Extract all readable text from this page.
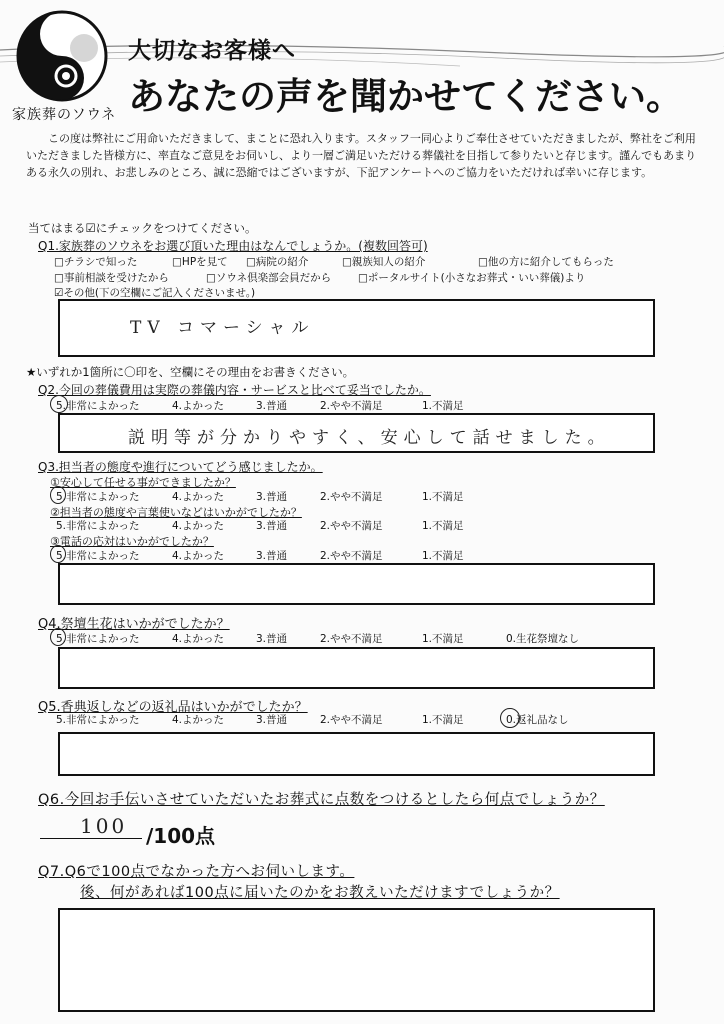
家族葬のソウネ
大切なお客様へ
あなたの声を聞かせてください。
この度は弊社にご用命いただきまして、まことに恐れ入ります。スタッフ一同心よりご奉仕させていただきましたが、弊社をご利用いただきました皆様方に、率直なご意見をお伺いし、より一層ご満足いただける葬儀社を目指して参りたいと存じます。謹んでもあまりある永久の別れ、お悲しみのところ、誠に恐縮ではございますが、下記アンケートへのご協力をいただければ幸いに存じます。
当てはまる☑にチェックをつけてください。
Q1.家族葬のソウネをお選び頂いた理由はなんでしょうか。(複数回答可)
□チラシで知った	□HPを見て □病院の紹介	□親族知人の紹介	□他の方に紹介してもらった
□事前相談を受けたから	□ソウネ倶楽部会員だから	□ポータルサイト(小さなお葬式・いい葬儀)より
☑その他(下の空欄にご記入くださいませ。)
TV コマーシャル
★いずれか1箇所に〇印を、空欄にその理由をお書きください。
Q2.今回の葬儀費用は実際の葬儀内容・サービスと比べて妥当でしたか。
5.非常によかった	4.よかった	3.普通	2.やや不満足	1.不満足
説明等が分かりやすく、安心して話せました。
Q3.担当者の態度や進行についてどう感じましたか。
①安心して任せる事ができましたか？
5.非常によかった	4.よかった	3.普通	2.やや不満足	1.不満足
②担当者の態度や言葉使いなどはいかがでしたか？
5.非常によかった	4.よかった	3.普通	2.やや不満足	1.不満足
③電話の応対はいかがでしたか？
5.非常によかった	4.よかった	3.普通	2.やや不満足	1.不満足
Q4.祭壇生花はいかがでしたか？
5.非常によかった	4.よかった	3.普通	2.やや不満足	1.不満足	0.生花祭壇なし
Q5.香典返しなどの返礼品はいかがでしたか？
5.非常によかった	4.よかった	3.普通	2.やや不満足	1.不満足	0.返礼品なし
Q6.今回お手伝いさせていただいたお葬式に点数をつけるとしたら何点でしょうか？
100 /100点
Q7.Q6で100点でなかった方へお伺いします。
後、何があれば100点に届いたのかをお教えいただけますでしょうか？
